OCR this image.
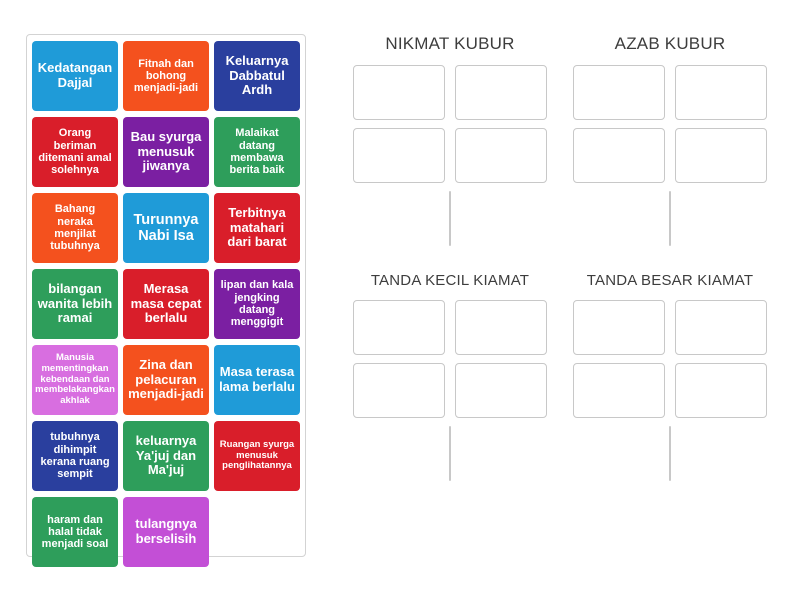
Kedatangan Dajjal
Fitnah dan bohong menjadi-jadi
Keluarnya Dabbatul Ardh
Orang beriman ditemani amal solehnya
Bau syurga menusuk jiwanya
Malaikat datang membawa berita baik
Bahang neraka menjilat tubuhnya
Turunnya Nabi Isa
Terbitnya matahari dari barat
bilangan wanita lebih ramai
Merasa masa cepat berlalu
lipan dan kala jengking datang menggigit
Manusia mementingkan kebendaan dan membelakangkan akhlak
Zina dan pelacuran menjadi-jadi
Masa terasa lama berlalu
tubuhnya dihimpit kerana ruang sempit
keluarnya Ya'juj dan Ma'juj
Ruangan syurga menusuk penglihatannya
haram dan halal tidak menjadi soal
tulangnya berselisih
NIKMAT KUBUR	AZAB KUBUR
TANDA KECIL KIAMAT	TANDA BESAR KIAMAT
